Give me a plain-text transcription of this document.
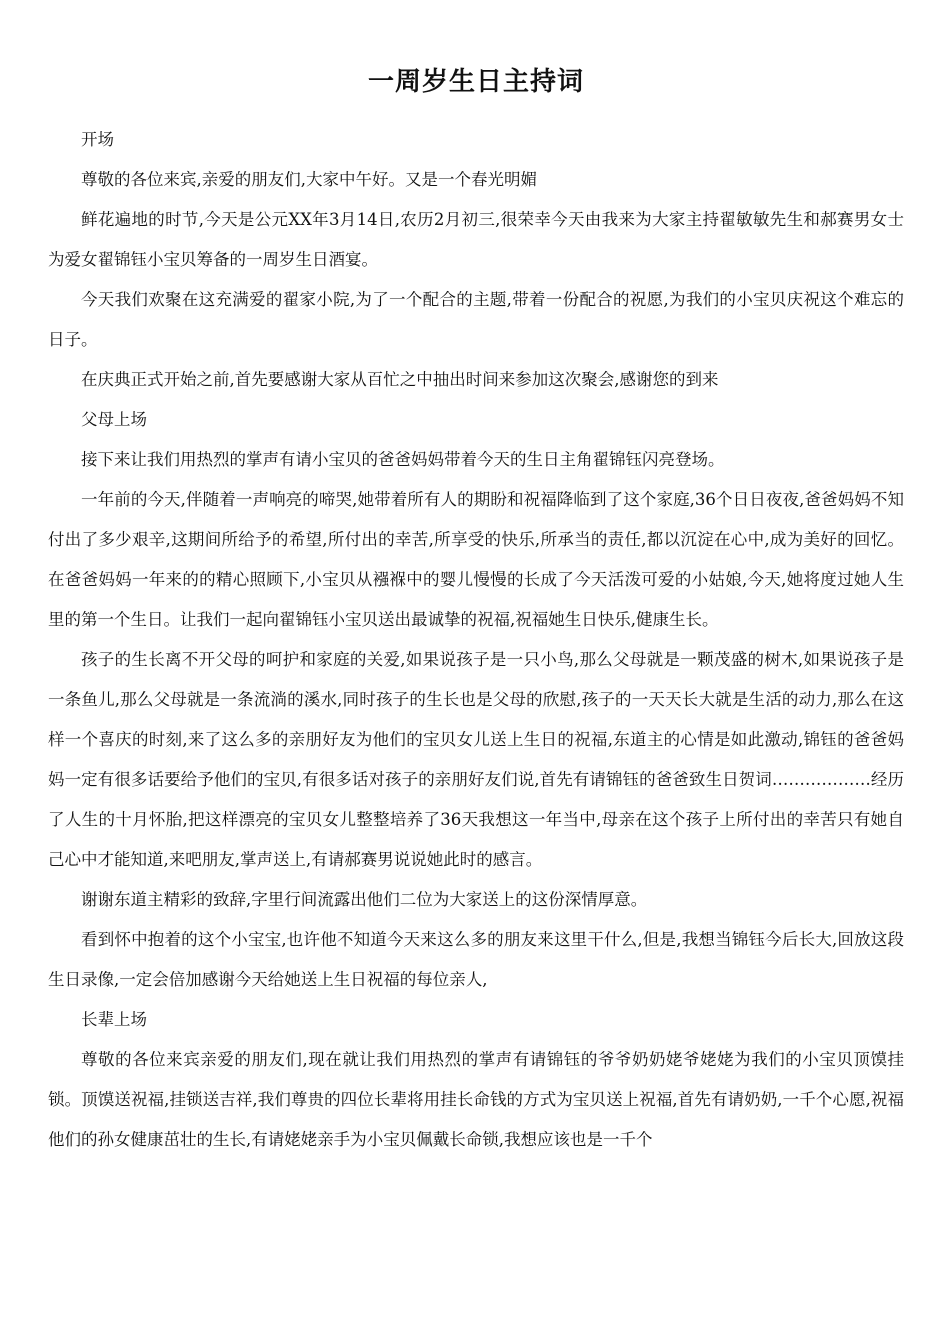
一周岁生日主持词

开场

尊敬的各位来宾,亲爱的朋友们,大家中午好。又是一个春光明媚

鲜花遍地的时节,今天是公元XX年3月14日,农历2月初三,很荣幸今天由我来为大家主持翟敏敏先生和郝赛男女士为爱女翟锦钰小宝贝筹备的一周岁生日酒宴。

今天我们欢聚在这充满爱的翟家小院,为了一个配合的主题,带着一份配合的祝愿,为我们的小宝贝庆祝这个难忘的日子。

在庆典正式开始之前,首先要感谢大家从百忙之中抽出时间来参加这次聚会,感谢您的到来

父母上场

接下来让我们用热烈的掌声有请小宝贝的爸爸妈妈带着今天的生日主角翟锦钰闪亮登场。

一年前的今天,伴随着一声响亮的啼哭,她带着所有人的期盼和祝福降临到了这个家庭,36个日日夜夜,爸爸妈妈不知付出了多少艰辛,这期间所给予的希望,所付出的幸苦,所享受的快乐,所承当的责任,都以沉淀在心中,成为美好的回忆。在爸爸妈妈一年来的的精心照顾下,小宝贝从襁褓中的婴儿慢慢的长成了今天活泼可爱的小姑娘,今天,她将度过她人生里的第一个生日。让我们一起向翟锦钰小宝贝送出最诚挚的祝福,祝福她生日快乐,健康生长。

孩子的生长离不开父母的呵护和家庭的关爱,如果说孩子是一只小鸟,那么父母就是一颗茂盛的树木,如果说孩子是一条鱼儿,那么父母就是一条流淌的溪水,同时孩子的生长也是父母的欣慰,孩子的一天天长大就是生活的动力,那么在这样一个喜庆的时刻,来了这么多的亲朋好友为他们的宝贝女儿送上生日的祝福,东道主的心情是如此激动,锦钰的爸爸妈妈一定有很多话要给予他们的宝贝,有很多话对孩子的亲朋好友们说,首先有请锦钰的爸爸致生日贺词………………经历了人生的十月怀胎,把这样漂亮的宝贝女儿整整培养了36天我想这一年当中,母亲在这个孩子上所付出的幸苦只有她自己心中才能知道,来吧朋友,掌声送上,有请郝赛男说说她此时的感言。

谢谢东道主精彩的致辞,字里行间流露出他们二位为大家送上的这份深情厚意。

看到怀中抱着的这个小宝宝,也许他不知道今天来这么多的朋友来这里干什么,但是,我想当锦钰今后长大,回放这段生日录像,一定会倍加感谢今天给她送上生日祝福的每位亲人,

长辈上场

尊敬的各位来宾亲爱的朋友们,现在就让我们用热烈的掌声有请锦钰的爷爷奶奶姥爷姥姥为我们的小宝贝顶馍挂锁。顶馍送祝福,挂锁送吉祥,我们尊贵的四位长辈将用挂长命钱的方式为宝贝送上祝福,首先有请奶奶,一千个心愿,祝福他们的孙女健康茁壮的生长,有请姥姥亲手为小宝贝佩戴长命锁,我想应该也是一千个
